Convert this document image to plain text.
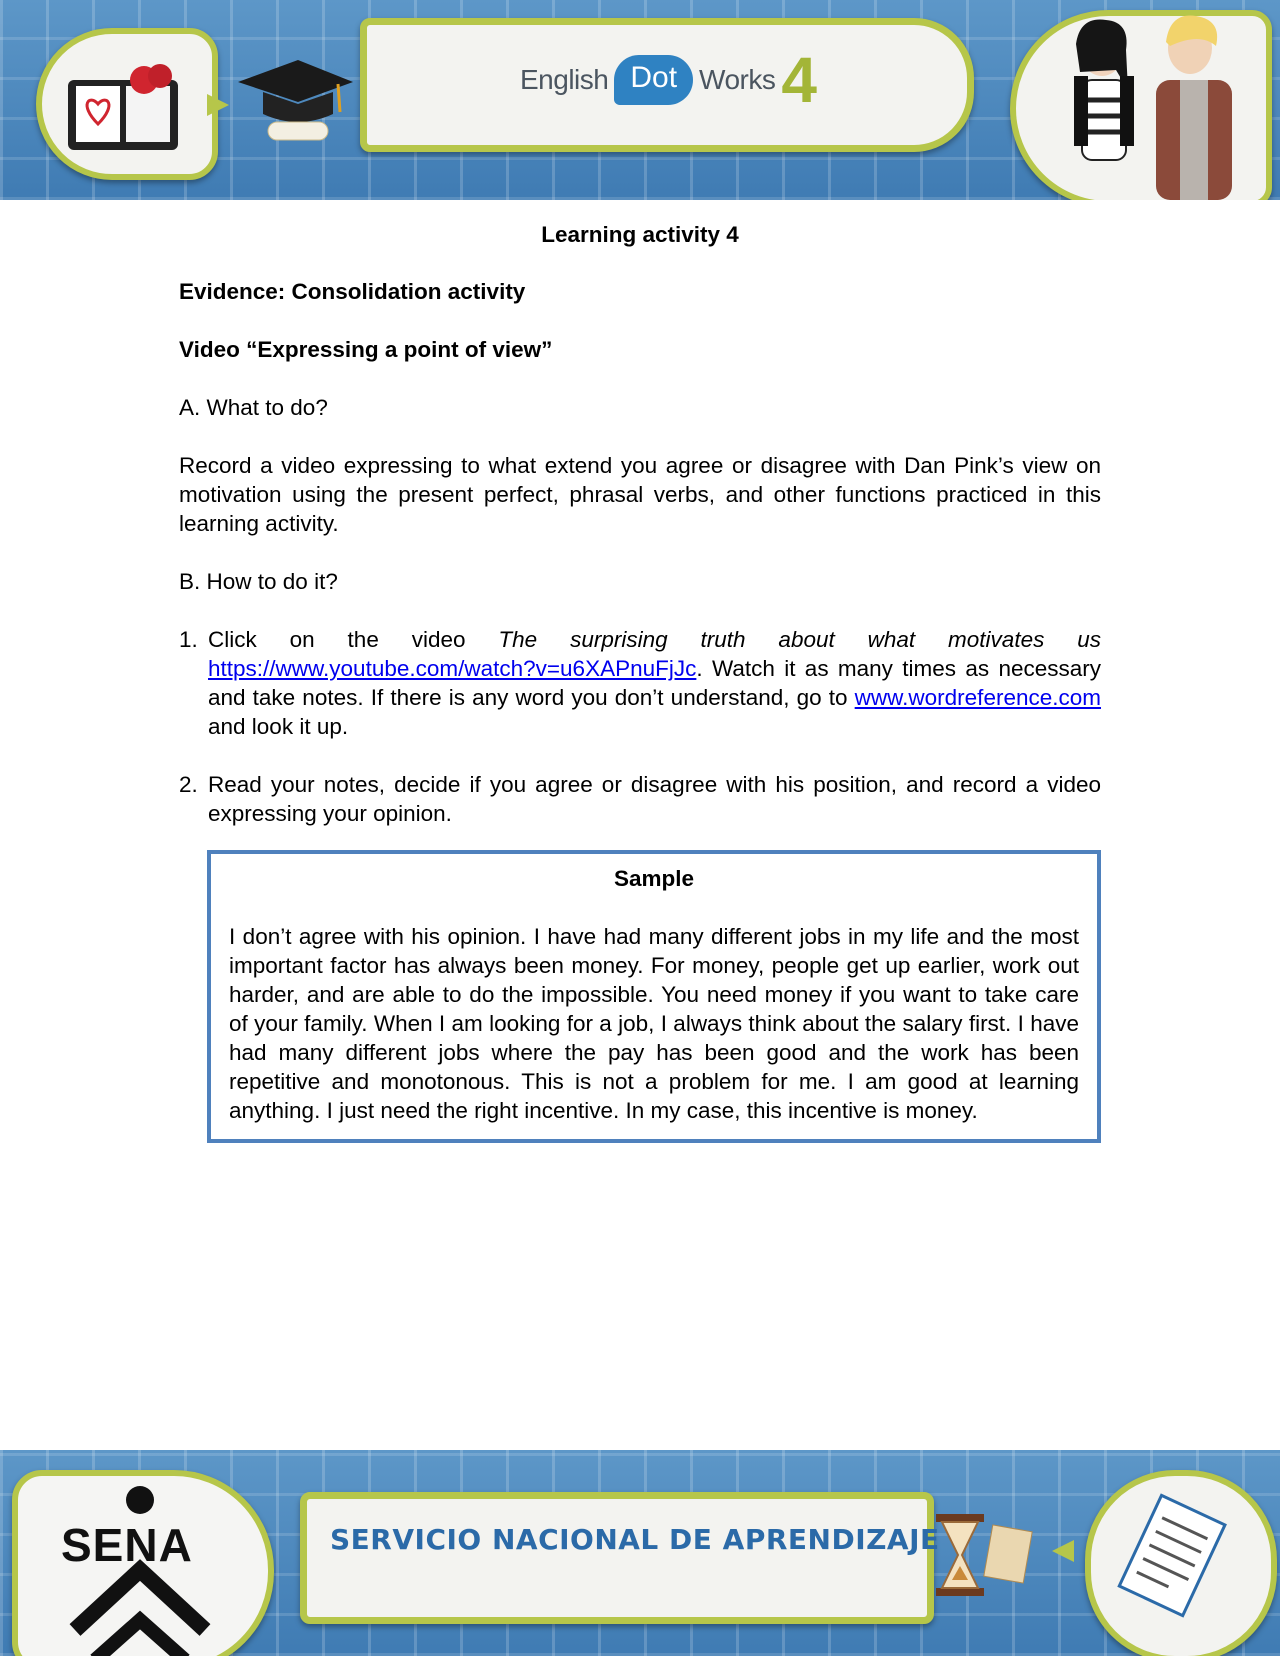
English Dot Works 4
Learning activity 4
Evidence: Consolidation activity
Video “Expressing a point of view”
A. What to do?
Record a video expressing to what extend you agree or disagree with Dan Pink’s view on motivation using the present perfect, phrasal verbs, and other functions practiced in this learning activity.
B. How to do it?
1. Click on the video The surprising truth about what motivates us https://www.youtube.com/watch?v=u6XAPnuFjJc. Watch it as many times as necessary and take notes. If there is any word you don’t understand, go to www.wordreference.com and look it up.
2. Read your notes, decide if you agree or disagree with his position, and record a video expressing your opinion.
Sample
I don’t agree with his opinion. I have had many different jobs in my life and the most important factor has always been money. For money, people get up earlier, work out harder, and are able to do the impossible. You need money if you want to take care of your family. When I am looking for a job, I always think about the salary first. I have had many different jobs where the pay has been good and the work has been repetitive and monotonous. This is not a problem for me. I am good at learning anything. I just need the right incentive. In my case, this incentive is money.
SENA	SERVICIO NACIONAL DE APRENDIZAJE
